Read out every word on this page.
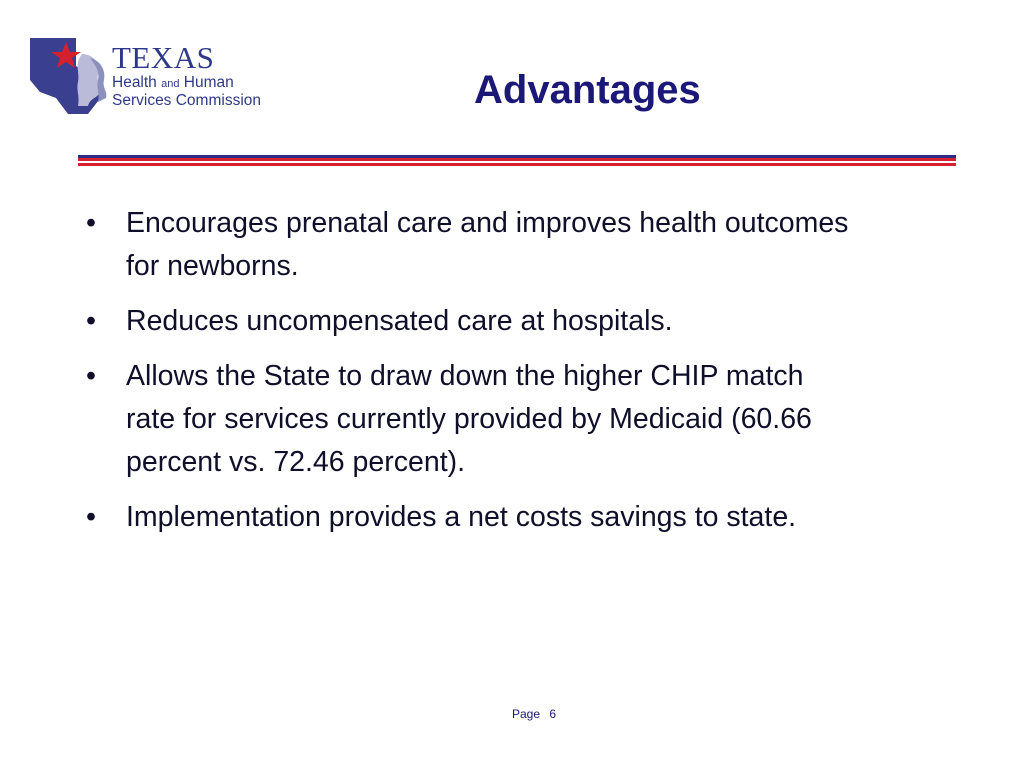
TEXAS
Health and Human
Services Commission	Advantages
• Encourages prenatal care and improves health outcomes for newborns.
• Reduces uncompensated care at hospitals.
• Allows the State to draw down the higher CHIP match rate for services currently provided by Medicaid (60.66 percent vs. 72.46 percent).
• Implementation provides a net costs savings to state.
Page 6
